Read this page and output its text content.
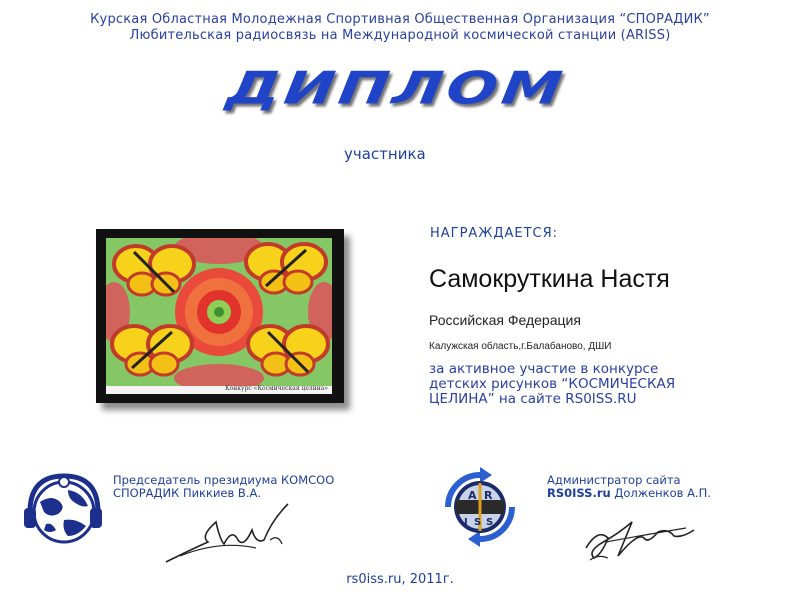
Курская Областная Молодежная Спортивная Общественная Организация “СПОРАДИК”
Любительская радиосвязь на Международной космической станции (ARISS)
ДИПЛОМ
участника
Конкурс «Космическая целина»
НАГРАЖДАЕТСЯ:
Самокруткина Настя
Российская Федерация
Калужская область,г.Балабаново, ДШИ
за активное участие в конкурсе
детских рисунков “КОСМИЧЕСКАЯ
ЦЕЛИНА” на сайте RS0ISS.RU
Председатель президиума КОМСОО
СПОРАДИК Пиккиев В.А.	A R
I S S
Администратор сайта
RS0ISS.ru Долженков А.П.
rs0iss.ru, 2011г.
